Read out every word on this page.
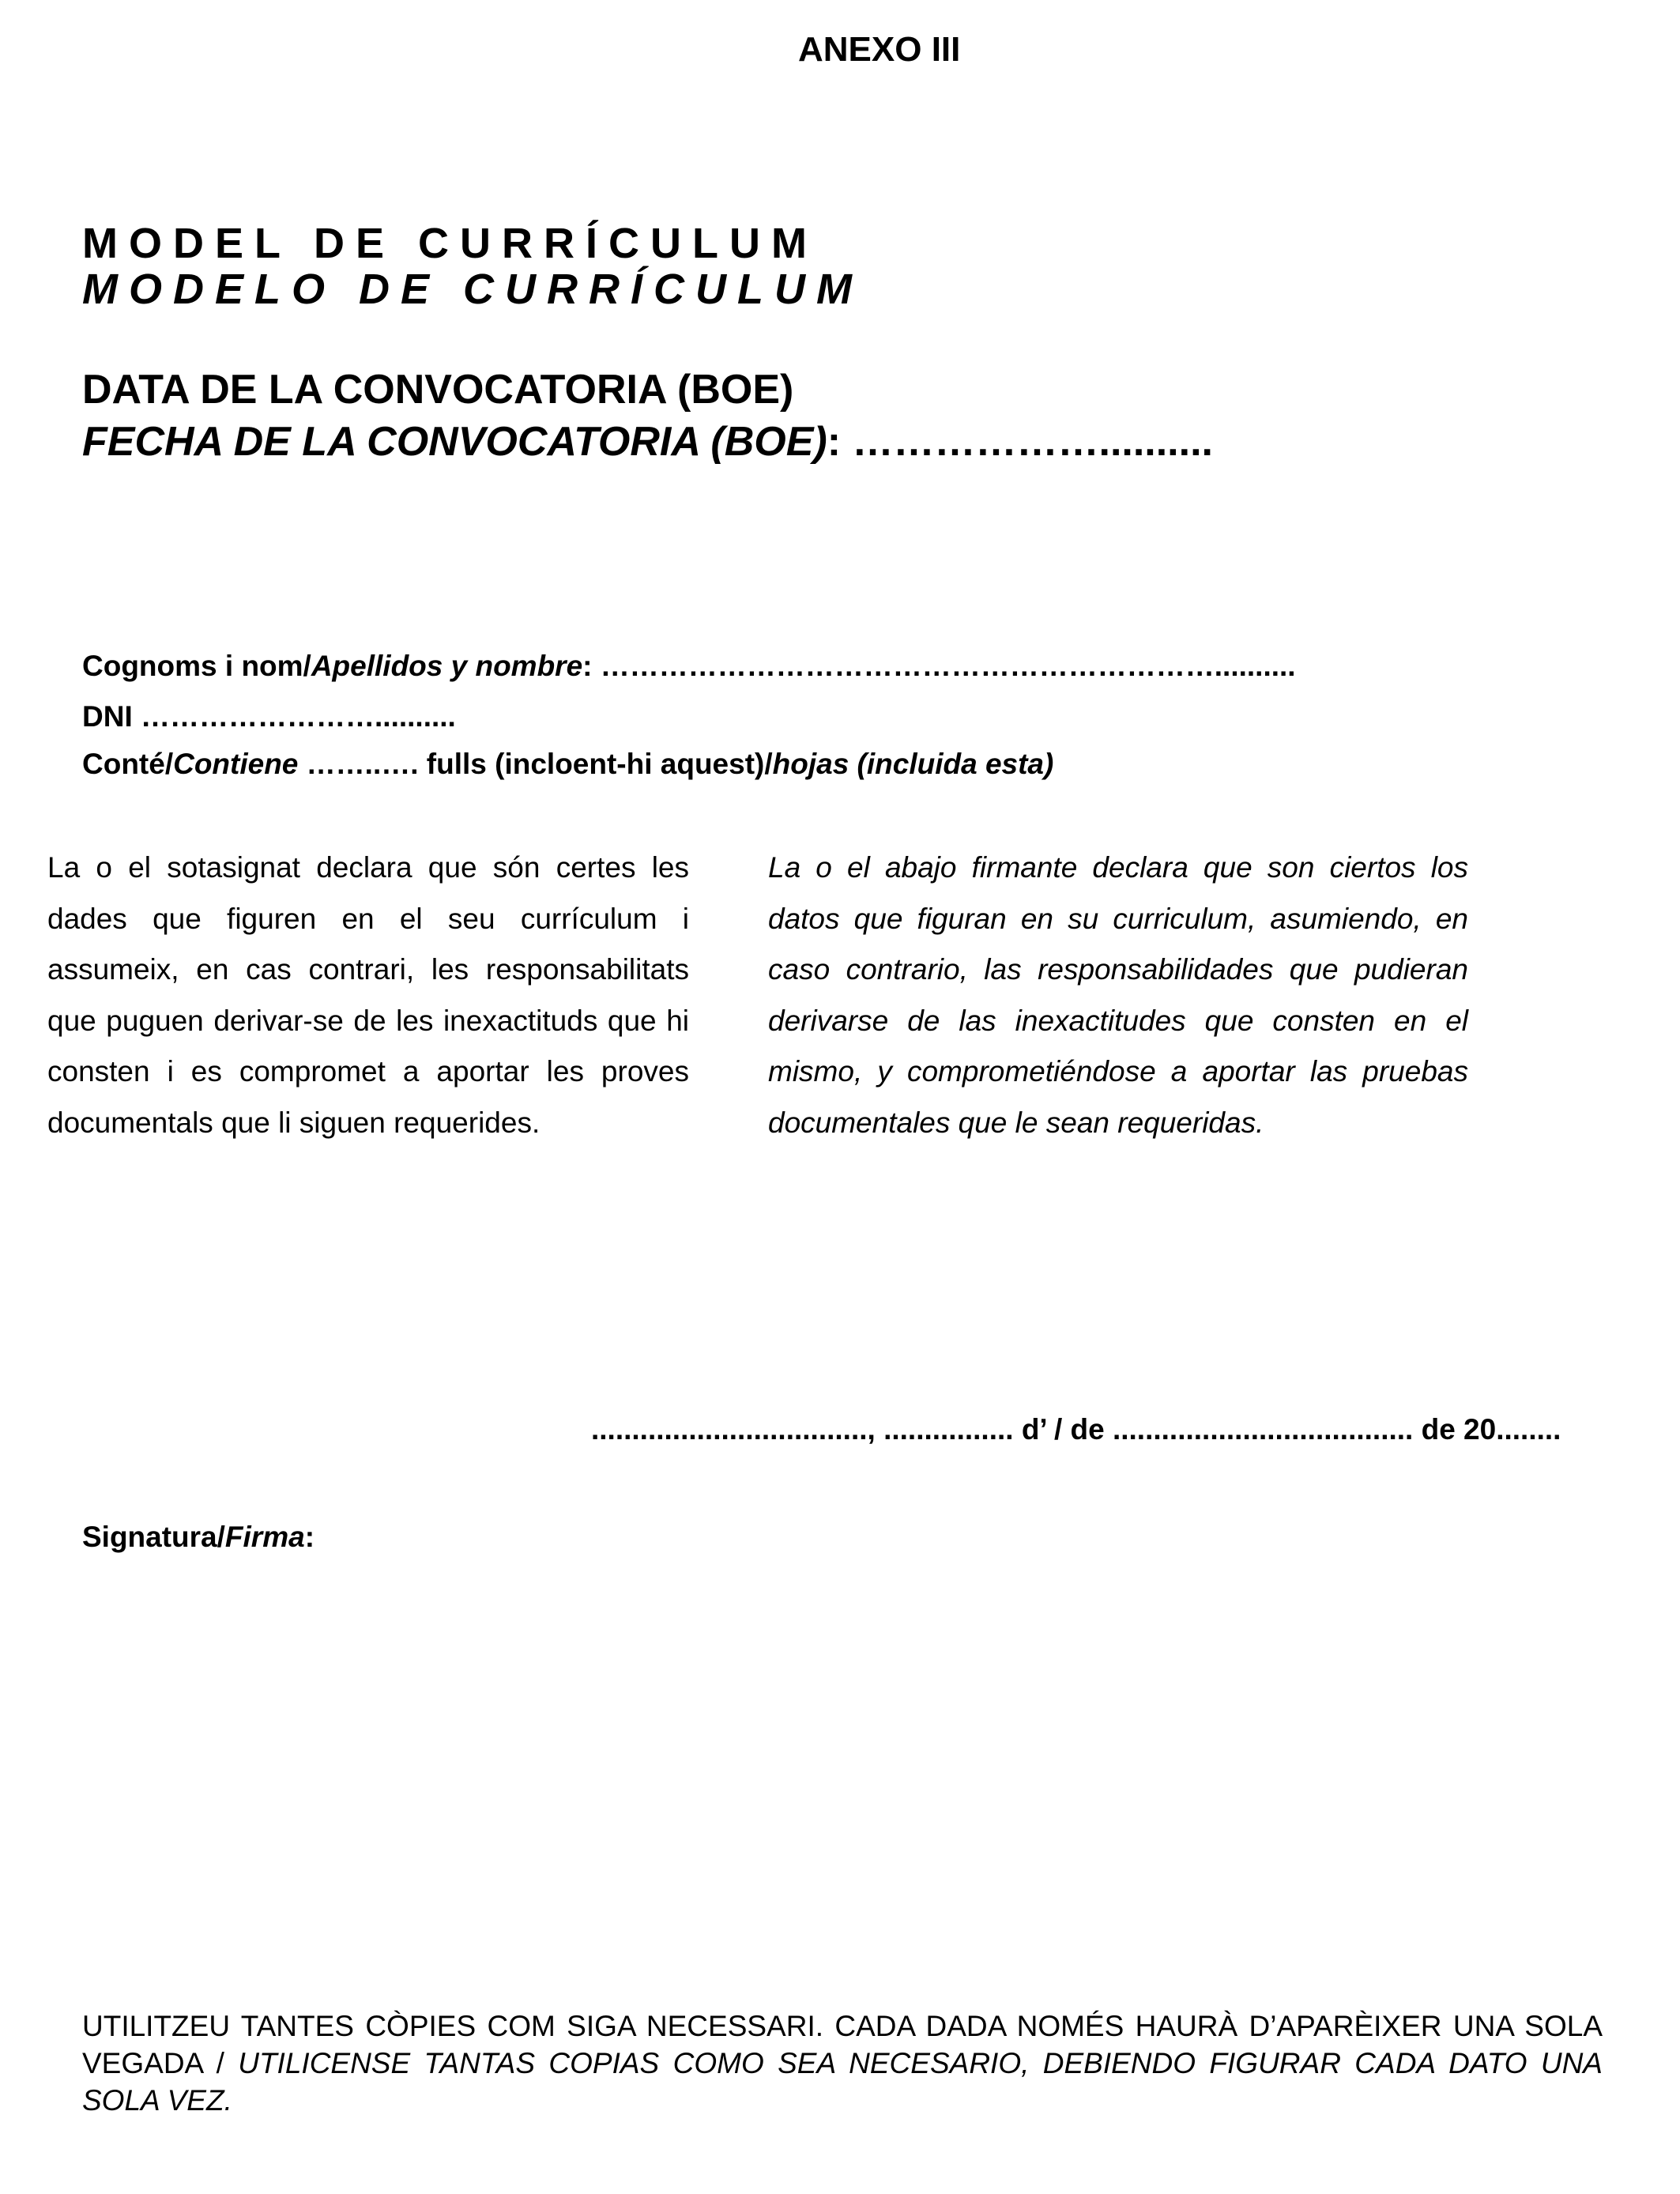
ANEXO III
MODEL DE CURRÍCULUM
MODELO DE CURRÍCULUM
DATA DE LA CONVOCATORIA (BOE)
FECHA DE LA CONVOCATORIA (BOE): ………………..........
Cognoms i nom/Apellidos y nombre: ………………………………………………………..........
DNI ……………………..........
Conté/Contiene ……..…. fulls (incloent-hi aquest)/hojas (incluida esta)
La o el sotasignat declara que són certes les dades que figuren en el seu currículum i assumeix, en cas contrari, les responsabilitats que puguen derivar-se de les inexactituds que hi consten i es compromet a aportar les proves documentals que li siguen requerides.
La o el abajo firmante declara que son ciertos los datos que figuran en su curriculum, asumiendo, en caso contrario, las responsabilidades que pudieran derivarse de las inexactitudes que consten en el mismo, y comprometiéndose a aportar las pruebas documentales que le sean requeridas.
.................................., ................ d’ / de ..................................... de 20........
Signatura/Firma:
UTILITZEU TANTES CÒPIES COM SIGA NECESSARI. CADA DADA NOMÉS HAURÀ D’APARÈIXER UNA SOLA VEGADA / UTILICENSE TANTAS COPIAS COMO SEA NECESARIO, DEBIENDO FIGURAR CADA DATO UNA SOLA VEZ.
